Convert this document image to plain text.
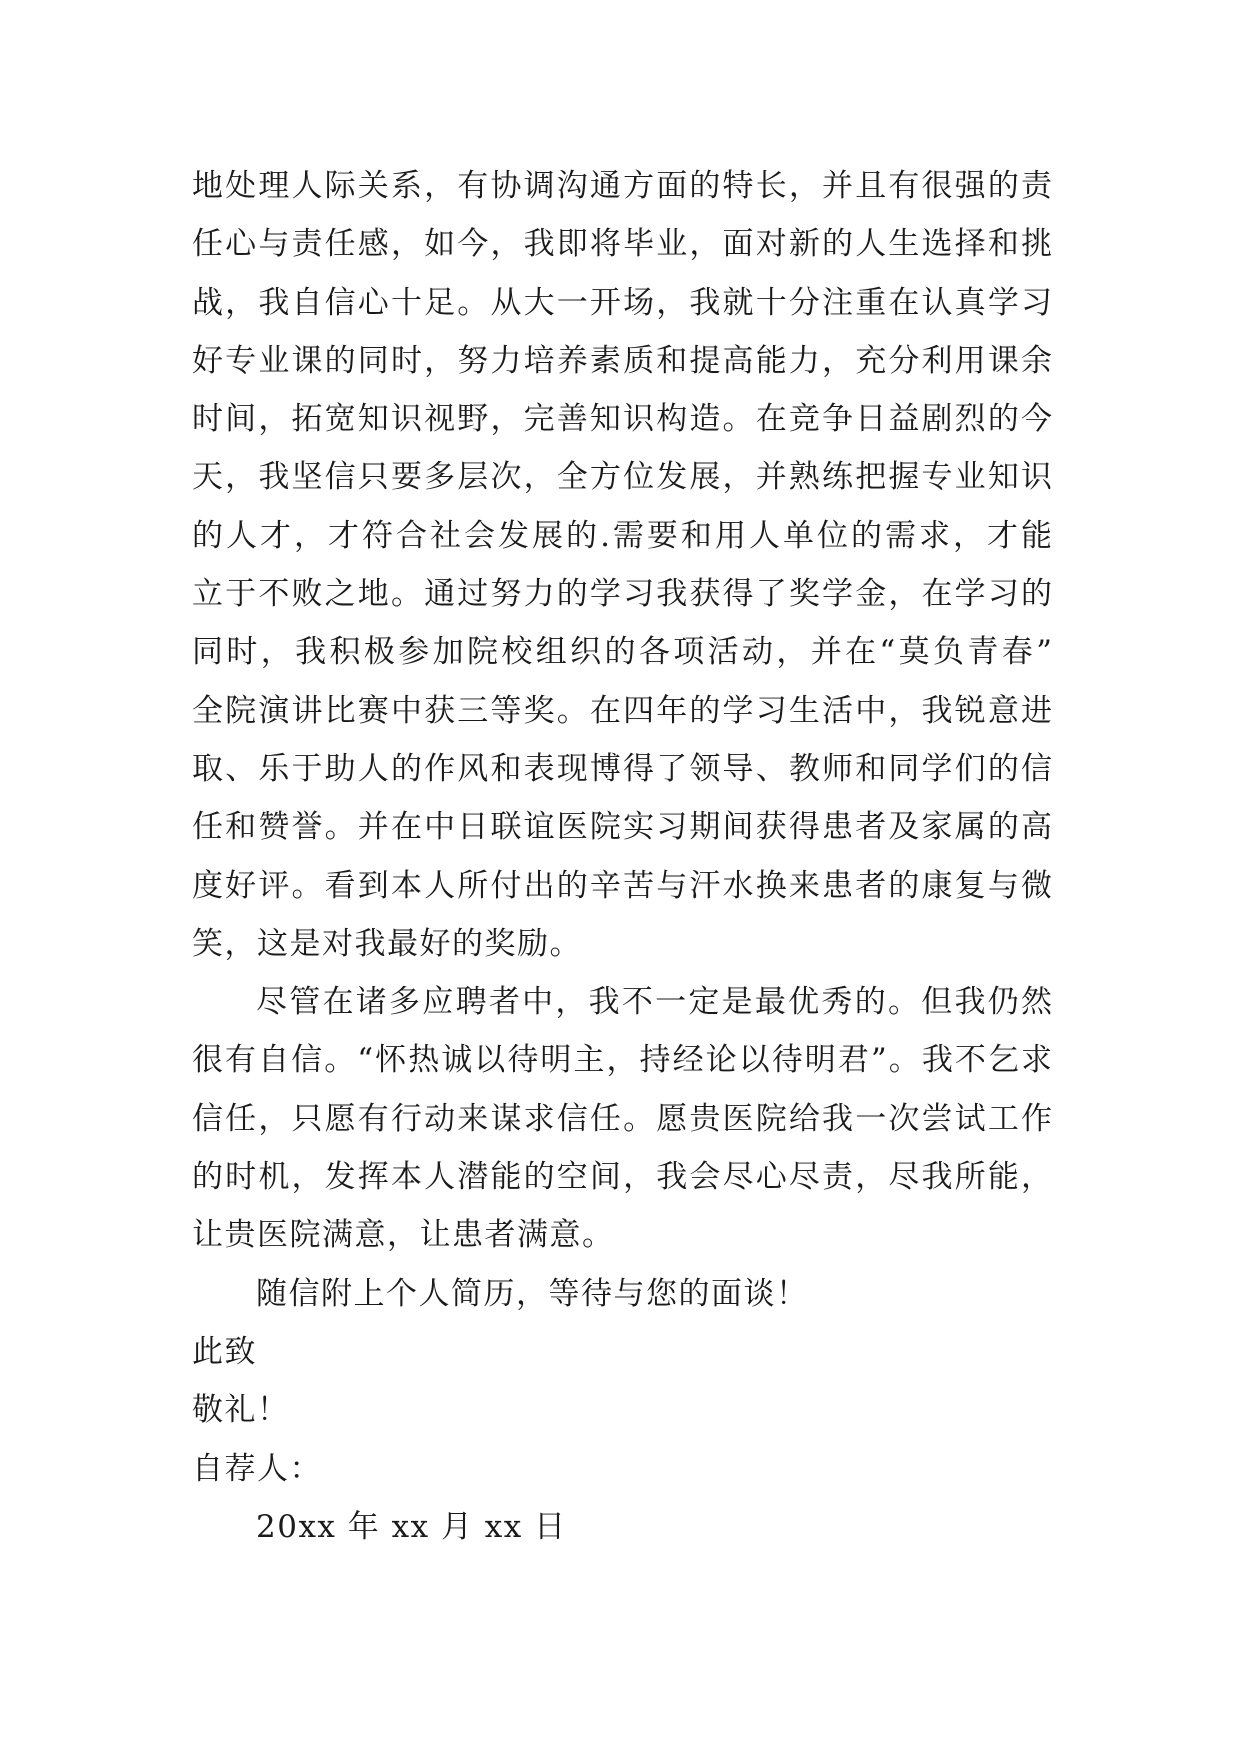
地处理人际关系，有协调沟通方面的特长，并且有很强的责
任心与责任感，如今，我即将毕业，面对新的人生选择和挑
战，我自信心十足。从大一开场，我就十分注重在认真学习
好专业课的同时，努力培养素质和提高能力，充分利用课余
时间，拓宽知识视野，完善知识构造。在竞争日益剧烈的今
天，我坚信只要多层次，全方位发展，并熟练把握专业知识
的人才，才符合社会发展的.需要和用人单位的需求，才能
立于不败之地。通过努力的学习我获得了奖学金，在学习的
同时，我积极参加院校组织的各项活动，并在“莫负青春”
全院演讲比赛中获三等奖。在四年的学习生活中，我锐意进
取、乐于助人的作风和表现博得了领导、教师和同学们的信
任和赞誉。并在中日联谊医院实习期间获得患者及家属的高
度好评。看到本人所付出的辛苦与汗水换来患者的康复与微
笑，这是对我最好的奖励。
尽管在诸多应聘者中，我不一定是最优秀的。但我仍然
很有自信。“怀热诚以待明主，持经论以待明君”。我不乞求
信任，只愿有行动来谋求信任。愿贵医院给我一次尝试工作
的时机，发挥本人潜能的空间，我会尽心尽责，尽我所能，
让贵医院满意，让患者满意。
随信附上个人简历，等待与您的面谈！
此致
敬礼！
自荐人：
20xx 年 xx 月 xx 日
